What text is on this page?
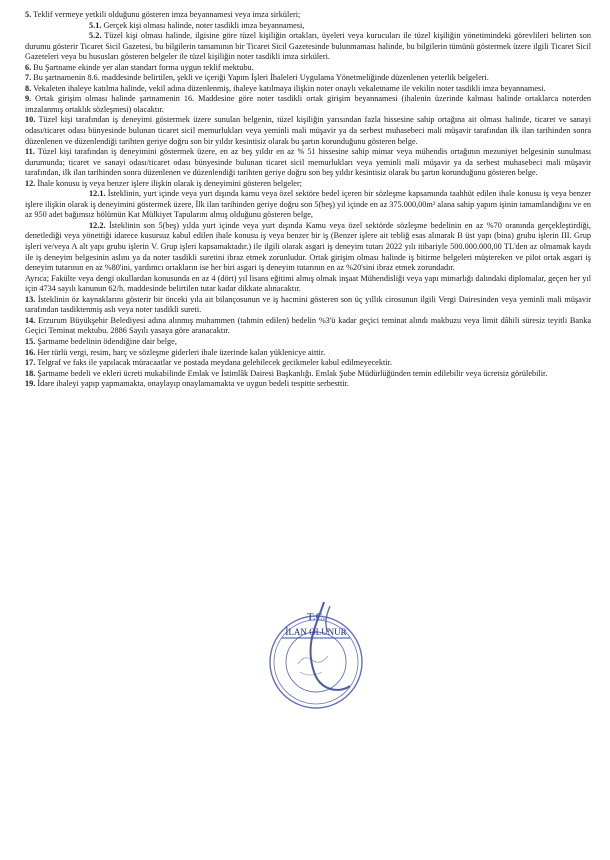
5. Teklif vermeye yetkili olduğunu gösteren imza beyannamesi veya imza sirküleri;

5.1. Gerçek kişi olması halinde, noter tasdikli imza beyannamesi,

5.2. Tüzel kişi olması halinde, ilgisine göre tüzel kişiliğin ortakları, üyeleri veya kurucuları ile tüzel kişiliğin yönetimindeki görevlileri belirten son durumu gösterir Ticaret Sicil Gazetesi, bu bilgilerin tamamının bir Ticaret Sicil Gazetesinde bulunmaması halinde, bu bilgilerin tümünü göstermek üzere ilgili Ticaret Sicil Gazeteleri veya bu hususları gösteren belgeler ile tüzel kişiliğin noter tasdikli imza sirküleri.

6. Bu Şartname ekinde yer alan standart forma uygun teklif mektubu.

7. Bu şartnamenin 8.6. maddesinde belirtilen, şekli ve içeriği Yapım İşleri İhaleleri Uygulama Yönetmeliğinde düzenlenen yeterlik belgeleri.

8. Vekaleten ihaleye katılma halinde, vekil adına düzenlenmiş, ihaleye katılmaya ilişkin noter onaylı vekaletname ile vekilin noter tasdikli imza beyannamesi.

9. Ortak girişim olması halinde şartnamenin 16. Maddesine göre noter tasdikli ortak girişim beyannamesi (ihalenin üzerinde kalması halinde ortaklarca noterden imzalanmış ortaklık sözleşmesi) olacaktır.

10. Tüzel kişi tarafından iş deneyimi göstermek üzere sunulan belgenin, tüzel kişiliğin yarısından fazla hissesine sahip ortağına ait olması halinde, ticaret ve sanayi odası/ticaret odası bünyesinde bulunan ticaret sicil memurlukları veya yeminli mali müşavir ya da serbest muhasebeci mali müşavir tarafından ilk ilan tarihinden sonra düzenlenen ve düzenlendiği tarihten geriye doğru son bir yıldır kesintisiz olarak bu şartın korunduğunu gösteren belge.

11. Tüzel kişi tarafından iş deneyimini göstermek üzere, en az beş yıldır en az % 51 hissesine sahip mimar veya mühendis ortağının mezuniyet belgesinin sunulması durumunda; ticaret ve sanayi odası/ticaret odası bünyesinde bulunan ticaret sicil memurlukları veya yeminli mali müşavir ya da serbest muhasebeci mali müşavir tarafından, ilk ilan tarihinden sonra düzenlenen ve düzenlendiği tarihten geriye doğru son beş yıldır kesintisiz olarak bu şartın korunduğunu gösteren belge.

12. İhale konusu iş veya benzer işlere ilişkin olarak iş deneyimini gösteren belgeler;

12.1. İsteklinin, yurt içinde veya yurt dışında kamu veya özel sektöre bedel içeren bir sözleşme kapsamında taahhüt edilen ihale konusu iş veya benzer işlere ilişkin olarak iş deneyimini göstermek üzere, İlk ilan tarihinden geriye doğru son 5(beş) yıl içinde en az 375.000,00m² alana sahip yapım işinin tamamlandığını ve en az 950 adet bağımsız bölümün Kat Mülkiyet Tapularını almış olduğunu gösteren belge,

12.2. İsteklinin son 5(beş) yılda yurt içinde veya yurt dışında Kamu veya özel sektörde sözleşme bedelinin en az %70 oranında gerçekleştirdiği, denetlediği veya yönettiği idarece kusursuz kabul edilen ihale konusu iş veya benzer bir iş (Benzer işlere ait tebliğ esas alınarak B üst yapı (bina) grubu işlerin III. Grup işleri ve/veya A alt yapı grubu işlerin V. Grup işleri kapsamaktadır.) ile ilgili olarak asgari iş deneyim tutarı 2022 yılı itibariyle 500.000.000,00 TL'den az olmamak kaydı ile iş deneyim belgesinin aslını ya da noter tasdikli suretini ibraz etmek zorunludur. Ortak girişim olması halinde iş bitirme belgeleri müştereken ve pilot ortak asgari iş deneyim tutarının en az %80'ini, yardımcı ortakların ise her biri asgari iş deneyim tutarının en az %20'sini ibraz etmek zorundadır.

Ayrıca; Fakülte veya dengi okullardan konusunda en az 4 (dört) yıl lisans eğitimi almış olmak inşaat Mühendisliği veya yapı mimarlığı dalındaki diplomalar, geçen her yıl için 4734 sayılı kanunun 62/h. maddesinde belirtilen tutar kadar dikkate alınacaktır.

13. İsteklinin öz kaynaklarını gösterir bir önceki yıla ait bilançosunun ve iş hacmini gösteren son üç yıllık cirosunun ilgili Vergi Dairesinden veya yeminli mali müşavir tarafından tasdiktenmiş aslı veya noter tasdikli sureti.

14. Erzurum Büyükşehir Belediyesi adına alınmış muhammen (tahmin edilen) bedelin %3'ü kadar geçici teminat alındı makbuzu veya limit dâhili süresiz teyitli Banka Geçici Teminat mektubu. 2886 Sayılı yasaya göre aranacaktır.

15. Şartname bedelinin ödendiğine dair belge,

16. Her türlü vergi, resim, harç ve sözleşme giderleri ihale üzerinde kalan yüklenicye aittir.

17. Telgraf ve faks ile yapılacak müracaatlar ve postada meydana gelebilecek gecikmeler kabul edilmeyecektir.

18. Şartname bedeli ve ekleri ücreti mukabilinde Emlak ve İstimlâk Dairesi Başkanlığı. Emlak Şube Müdürlüğünden temin edilebilir veya ücretsiz görülebilir.

19. İdare ihaleyi yapıp yapmamakta, onaylayıp onaylamamakta ve uygun bedeli tespitte serbesttir.

T.C.
İLAN OLUNUR
